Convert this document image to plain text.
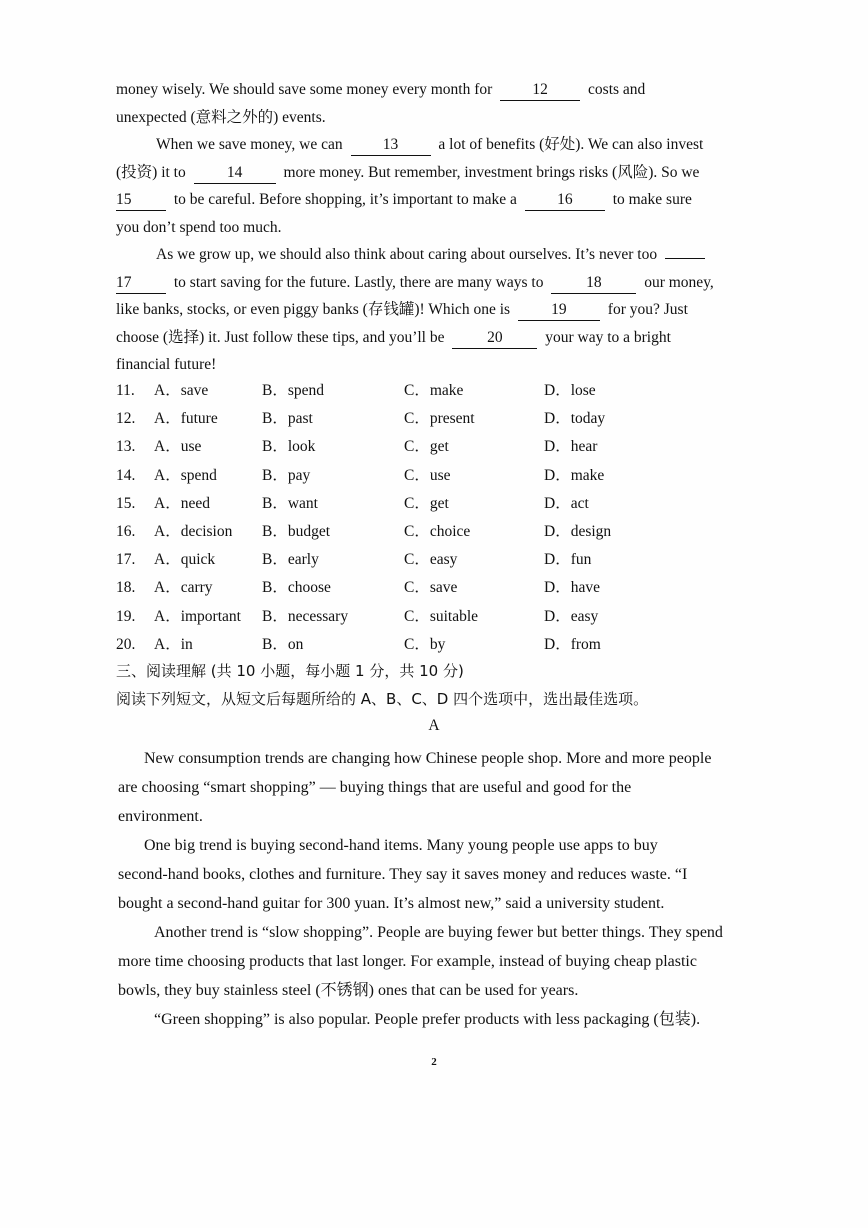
money wisely. We should save some money every month for	12	costs and
unexpected (意料之外的) events.
When we save money, we can	13	a lot of benefits (好处). We can also invest
(投资) it to	14	more money. But remember, investment brings risks (风险). So we
15	to be careful. Before shopping, it’s important to make a	16	to make sure
you don’t spend too much.
As we grow up, we should also think about caring about ourselves. It’s never too
17	to start saving for the future. Lastly, there are many ways to	18	our money,
like banks, stocks, or even piggy banks (存钱罐)! Which one is	19	for you? Just
choose (选择) it. Just follow these tips, and you’ll be	20	your way to a bright
financial future!
11. A．save	B．spend	C．make	D．lose
12. A．future	B．past	C．present	D．today
13. A．use	B．look	C．get	D．hear
14. A．spend	B．pay	C．use	D．make
15. A．need	B．want	C．get	D．act
16. A．decision B．budget	C．choice	D．design
17. A．quick	B．early	C．easy	D．fun
18. A．carry	B．choose	C．save	D．have
19. A．important B．necessary	C．suitable	D．easy
20. A．in	B．on	C．by	D．from
三、阅读理解 (共 10 小题，每小题 1 分，共 10 分)
阅读下列短文，从短文后每题所给的 A、B、C、D 四个选项中，选出最佳选项。
A
New consumption trends are changing how Chinese people shop. More and more people
are choosing “smart shopping” — buying things that are useful and good for the
environment.
One big trend is buying second-hand items. Many young people use apps to buy
second-hand books, clothes and furniture. They say it saves money and reduces waste. “I
bought a second-hand guitar for 300 yuan. It’s almost new,” said a university student.
Another trend is “slow shopping”. People are buying fewer but better things. They spend
more time choosing products that last longer. For example, instead of buying cheap plastic
bowls, they buy stainless steel (不锈钢) ones that can be used for years.
“Green shopping” is also popular. People prefer products with less packaging (包装).
2
